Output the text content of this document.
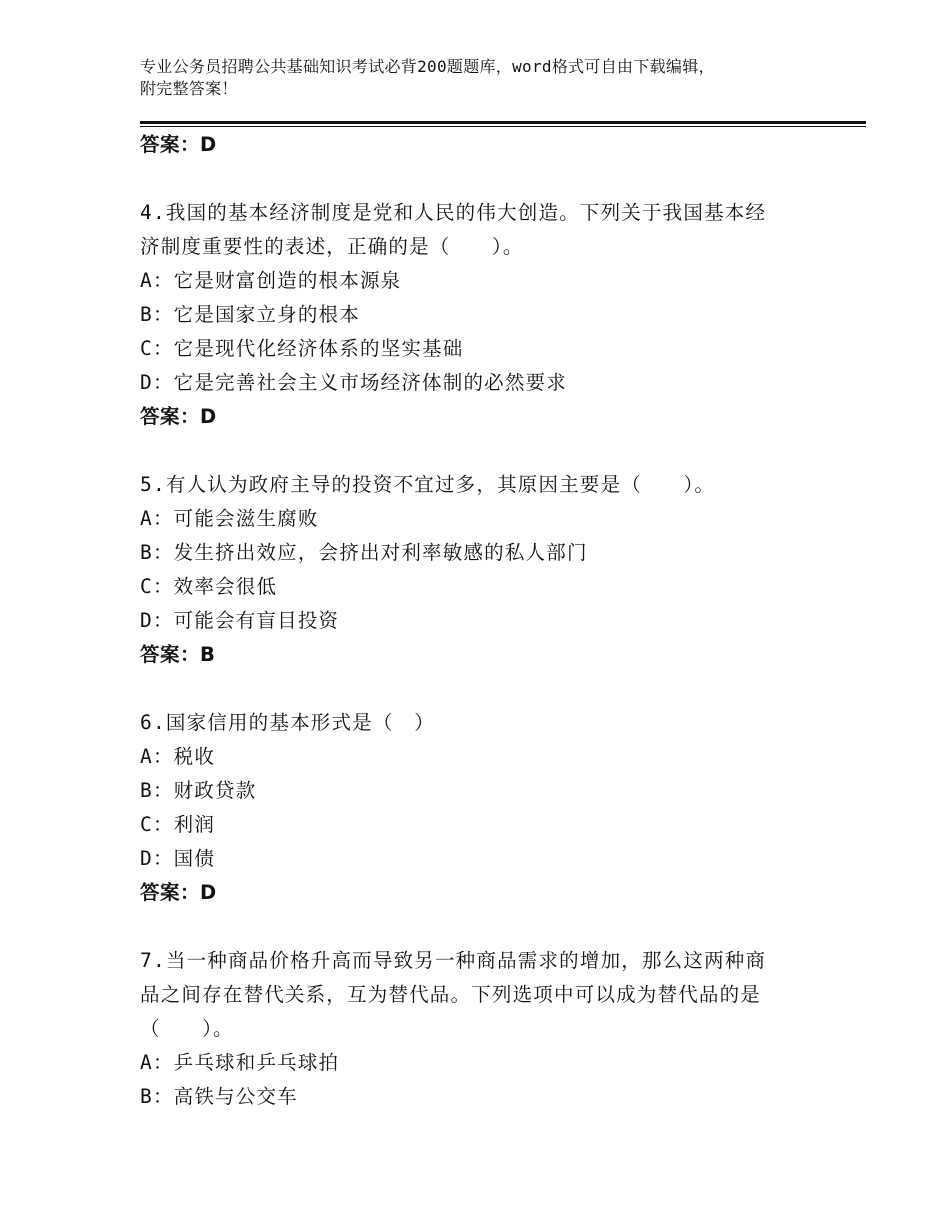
专业公务员招聘公共基础知识考试必背200题题库，word格式可自由下载编辑，
附完整答案！
答案：D
4.我国的基本经济制度是党和人民的伟大创造。下列关于我国基本经
济制度重要性的表述，正确的是（　　）。
A：它是财富创造的根本源泉
B：它是国家立身的根本
C：它是现代化经济体系的坚实基础
D：它是完善社会主义市场经济体制的必然要求
答案：D
5.有人认为政府主导的投资不宜过多，其原因主要是（　　）。
A：可能会滋生腐败
B：发生挤出效应，会挤出对利率敏感的私人部门
C：效率会很低
D：可能会有盲目投资
答案：B
6.国家信用的基本形式是（　）
A：税收
B：财政贷款
C：利润
D：国债
答案：D
7.当一种商品价格升高而导致另一种商品需求的增加，那么这两种商
品之间存在替代关系，互为替代品。下列选项中可以成为替代品的是
（　　）。
A：乒乓球和乒乓球拍
B：高铁与公交车
